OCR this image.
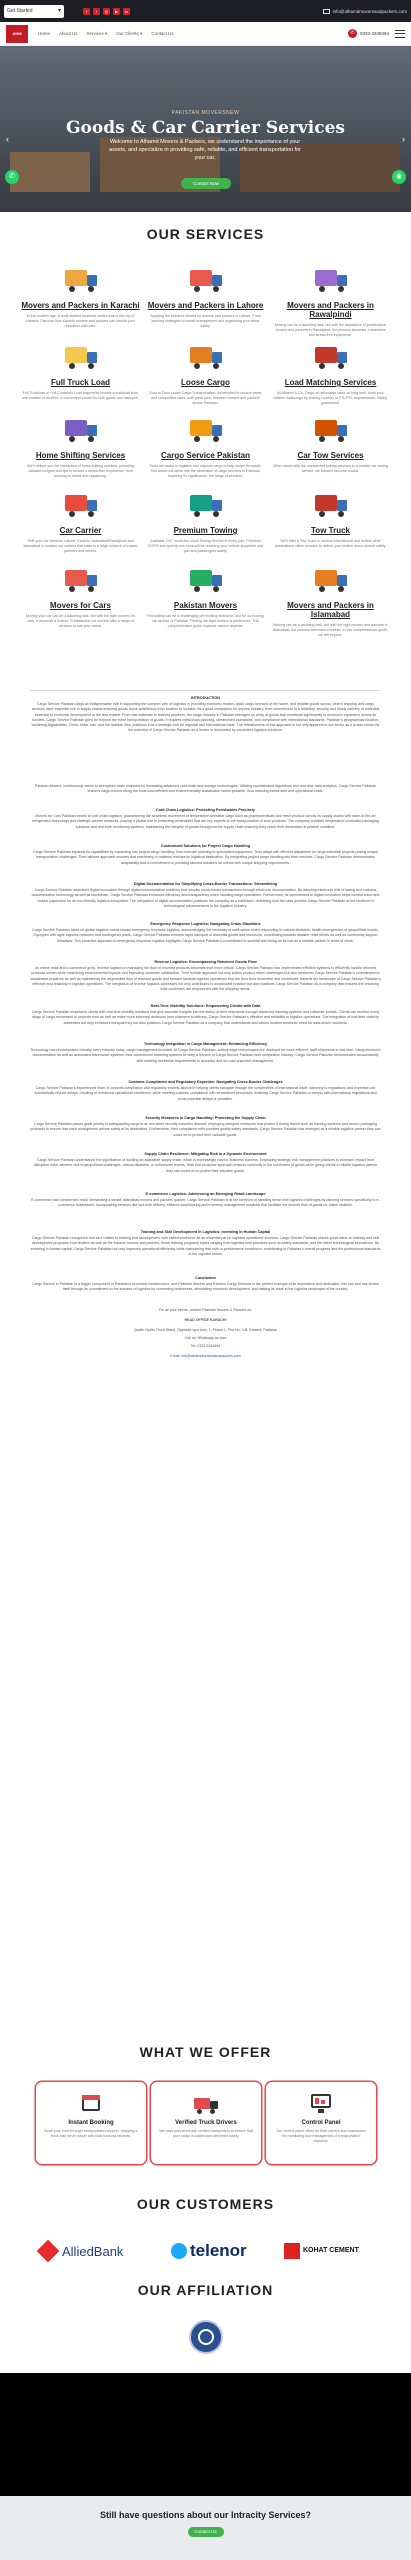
Get Started ▾	f	t	◎	▶	in	info@alhamdmoversandpackers.com
AHM	Home About Us Services ▾ Our Clients ▾ Contact Us	✆	0333-3349494
PAKISTAN MOVERSNEW
Goods & Car Carrier Services
Welcome to Alhamd Movers & Packers, we understand the importance of your assets, and specialize in providing safe, reliable, and efficient transportation for your car.
Contact Now
‹	›
✆	◉
OUR SERVICES
Movers and Packers in Karachi
In the modern age, a multi-faceted business centre that is the city of Karachi. Discover how Karachi movers and packers can handle your relocation with care.
Movers and Packers in Lahore
Applying the services offered by movers and packers in Lahore. From packing strategies to transit management and organizing your items safely.
Movers and Packers in Rawalpindi
Moving can be a daunting task, but with the assistance of professional movers and packers in Rawalpindi, the process becomes a seamless and stress-free experience.
Full Truck Load
Full Truckload or Full-Container Load shipments involve a truckload from one location to another, a convenient choice for bulk goods and transport.
Loose Cargo
Door to Door Loose Cargo Transportation: As tempted to receive fewer and competitive rates, with great care, between movers and packers across Pakistan.
Load Matching Services
At Alhamd & Co. Cargo an affordable rates on long haul, book your reliable load/cargo by sharing route(s) or FTL/PTL requirements. Safely, guaranteed.
Home Shifting Services
We'll deliver you the interaction of home shifting services, providing valuable insights and tips to ensure a stress-free experience, from packing to transit and unpacking.
Cargo Service Pakistan
Tools will assist in logistics and regional cargo to help shape its transit. This article will delve into the dimension of cargo services in Pakistan, exploring its significance, the range of services.
Car Tow Services
When faced with the unexpected towing services to a reliable car towing service, we Karachi become crucial.
Car Carrier
Shift your car between Lahore, Karachi, Islamabad/Rawalpindi and Islamabad in modern car carriers that cater to a large network of trusted partners and drivers.
Premium Towing
Available 24/7 round-the-clock Towing Service in every part, Premium SOS'S and speedy tow truck will be reaching your vehicle anywhere and you and passengers safely.
Tow Truck
We'll offer a Tow Truck in various international and hotline other destinations within minutes to deliver your broken down vehicle safely.
Movers for Cars
Moving your car can be a daunting task, but with the right movers for cars, it becomes a breeze. Professional car movers offer a range of services to suit your needs.
Pakistan Movers
Relocating can be a challenging yet exciting endeavor, and for us moving car service of Pakistan. Finding the right movers is paramount. This comprehensive guide explores various aspects.
Movers and Packers in Islamabad
Moving can be a daunting task, but with the right movers and packers in Islamabad, the process becomes a breeze. In this comprehensive guide, we will explore.
INTRODUCTION
Cargo Service Pakistan plays an indispensable role in supporting the complex web of logistics in providing economic motion, quick cargo services at the same, and reliable goods across, where shipping and cargo services have essential role in supply chains ensuring goods move seamlessly from location to location. Its a good companion for anyone industry, from commitment to a reliability, security and timely delivery of materials essential to economic development in the flow market. From raw materials to finished products, the cargo industry in Pakistan manages an array of goods that contribute significantly to economic expansion across its borders. Cargo Service Pakistan goes far beyond the mere transportation of goods; it requires meticulous planning, streamlined operations, and compliance with international standards. Pakistan's geographical location, bordering Afghanistan, China, India, Iran, and the Arabian Sea, positions it as a strategic hub for regional and international trade. The effectiveness of this approach is not only apparent in our sector as it is also shown by the potential of Cargo Service Pakistan as a leader in dominated by consistent logistics solutions.
Pakistan Movers, continuously seeks to strengthen trade channels by increasing advanced cold-chain and storage technologies. Utilizing sophisticated algorithms and real-time data analytics, Cargo Service Pakistan ensures cargo moves along the most cost-efficient and environmentally sustainable routes possible, thus reducing transit time and operational costs.
Cold Chain Logistics: Protecting Perishables Precisely
Movers for Cars Pakistan excels at cold chain logistics, guaranteeing the seamless movement of temperature-sensitive cargo such as pharmaceuticals and fresh produce across its supply chains with state-of-the-art refrigerated technology and strategic partner networks, playing a pivotal role in protecting perishables that are key exports to the transportation of such products. The company provides temperature-controlled packaging solutions and real-time monitoring systems, maintaining the integrity of goods throughout the supply chain ensuring they reach their destination in pristine condition.
Customized Solutions for Project Cargo Handling
Cargo Service Pakistan expands its capabilities by expanding into project cargo handling, from intricate planning to specialized equipment. They adapt with efficient adjustment for large industrial projects posing unique transportation challenges. Their tailored approach ensures that machinery or material reaches its logistical destination. By integrating project cargo handling into their services, Cargo Service Pakistan demonstrates adaptability and a commitment to providing tailored solutions for clients with unique shipping requirements.
Digital Documentation for Simplifying Cross-Border Transactions: Streamlining
Cargo Service Pakistan embraces digital innovation through digital documentation solutions that simplify cross-border transactions through electronic documentation. By adopting electronic bills of lading and customs documentation technology as well as blockchain, Cargo Service Pakistan enhances efficiency and transparency when handling cargo operations. Furthermore, its commitment to digital innovation helps combat fraud and reduce paperwork for an eco-friendly logistics ecosystem. The integration of digital documentation positions the company as a trailblazer, redefining how the slow process Cargo Service Pakistan at the forefront of technological advancements in the logistics industry.
Emergency Response Logistics: Navigating Crisis Situations
Cargo Service Pakistan takes on global logistics needs toward emergency response logistics, acknowledging the necessity of swift action when responding to natural disasters, health emergencies or geopolitical events. Equipped with agile logistics networks and contingency plans, Cargo Service Pakistan ensures rapid transport of essential goods and resources, contributing towards disaster relief efforts as well as community support initiatives. This proactive approach to emergency response logistics highlights Cargo Service Pakistan's commitment to societal well-being as its role as a reliable partner in times of crisis.
Reverse Logistics: Encompassing Returned Goods Flow
As online retail and e-commerce grow, reverse logistics in managing the flow of returned products becomes ever more critical. Cargo Service Pakistan has implemented effective systems to efficiently handle returned products known while minimizing environmental impacts and improving customer satisfaction. Their holistic approach not only solves product return challenges but also reinforces Cargo Service Pakistan's commitment to sustainable practices as well as maintaining the responsible flow of returned goods and forward towards logistics operations that are thus their innovative and contributes towards the landscape of Cargo Service Pakistan's effective and reliability in logistics operations. The integration of reverse logistics addresses not only contributes to sustainable practice but also positions Cargo Service Pakistan as a company that ensures the returning total customers are empowered with the shipping needs.
Real-Time Visibility Solutions: Empowering Clients with Data
Cargo Service Pakistan empowers clients with real-time visibility solutions that give accurate insights into the status of their shipments through advanced tracking systems and customer portals. Clients can monitor every stage of cargo movement to promote trust as well as make more informed decisions from shipment to delivery, Cargo Service Pakistan's effective and reliability in logistics operations. The integration of real-time visibility addresses not only enhances transparency but also positions Cargo Service Pakistan as a company that understands and values modern business' need for data-driven solutions.
Technology Integration in Cargo Management: Enhancing Efficiency
Technology has revolutionized virtually every industry today, cargo management included. At Cargo Service Pakistan, cutting-edge technologies are deployed for more efficient, swift shipments in real time. Using electronic documentation as well as automated warehouse systems, their commitment fostering systems to keep a Service of Cargo Service Pakistan with competitive industry. Cargo Service Pakistan demonstrates accountability with meeting worldwide requirements to accuracy and on-road shipment management.
Customs Compliance and Regulatory Expertise: Navigating Cross-Border Challenges
Cargo Service Pakistan's experienced team of customs compliance and regulatory experts assists in helping clients navigate through the complexities of international trade, adhering to regulations and expertise can substantially reduce delays, resulting in enhanced operational excellence, while meeting customs compliance with streamlined processes, enabling Cargo Service Pakistan to comply with international regulations and avoid potential delays or penalties.
Security Measures in Cargo Handling: Protecting the Supply Chain
Cargo Service Pakistan places great priority in safeguarding cargo in an era when security concerns abound, employing stringent measures that protect it during transit such as tracking systems and secure packaging protocols to ensure that each consignment arrives safely at its destination. Furthermore, their compliance with provides quality safety standards. Cargo Service Pakistan has emerged as a reliable logistics partner they can count on to protect their valuable goods.
Supply Chain Resilience: Mitigating Risk in a Dynamic Environment
Cargo Service Pakistan understands the significance of building an adaptable supply chain, which is increasingly vital for business success. Employing strategic risk management practices to minimize impact from disruption risks, whether due to geopolitical challenges, natural disasters, or unforeseen events. With that proactive approach ensures continuity in the movement of goods while giving clients a reliable logistics partner they can count on to protect their valuable goods.
E-commerce Logistics: Addressing an Emerging Retail Landscape
E-commerce has transformed retail, demanding a stealth Islamabad movers and packers quicker. Cargo Service Pakistan is at the forefront of handling these new logistics challenges by tailoring services specifically to e-commerce businesses. Incorporating services like last-mile delivery, efficient warehousing and inventory management solutions that facilitate the smooth flow of goods for online retailers.
Training and Skill Development in Logistics: Investing in Human Capital
Cargo Service Pakistan recognizes that as it relates to training and development, with skilled workforce as an essential part in logistics operations' success. Cargo Service Pakistan places great value on training and skill development programs from tenders as well as the Karachi movers and packers, these training programs topics ranging from logistics best practices such as safety standards, and the latest technological innovations. By investing in human capital, Cargo Service Pakistan not only improves operational efficiency while maintaining that both in performance excellence, contributing to Pakistan's overall progress and the professional standards of the logistics sector.
Conclusion
Cargo Service in Pakistan is a bigger component of Pakistan's economic infrastructure, and Pakistan Movers and Packers Cargo Services is the perfect example of its importance and dedication, this can and has shown itself through its commitment to the success of logistics by connecting businesses, stimulating economic development, and making its mark in the logistics landscape of the country.
For all your needs, contact Pakistan Movers & Packers on:
HEAD OFFICE KARACHI
Qadim Hyder Truck Stand, Opposite Igra Univ, 1, Phase 1, Plot No. 4-B, Karachi, Pakistan
Call us: Whatsapp.us.com
Tel: 0333-3349494
Email: info@alhamdmoversandpackers.com
WHAT WE OFFER
Instant Booking
Book your truck through transportation support. Shipping a truck was never easier with load booking services.
Verified Truck Drivers
We have partnered with verified transporters to ensure that your cargo is loaded and delivered safely.
Control Panel
Our control panel offers for fleet owners and businesses the monitoring and management of transportation requests.
OUR CUSTOMERS
AlliedBank	telenor	KOHAT CEMENT
OUR AFFILIATION
Still have questions about our Intracity Services?
Contact Us
